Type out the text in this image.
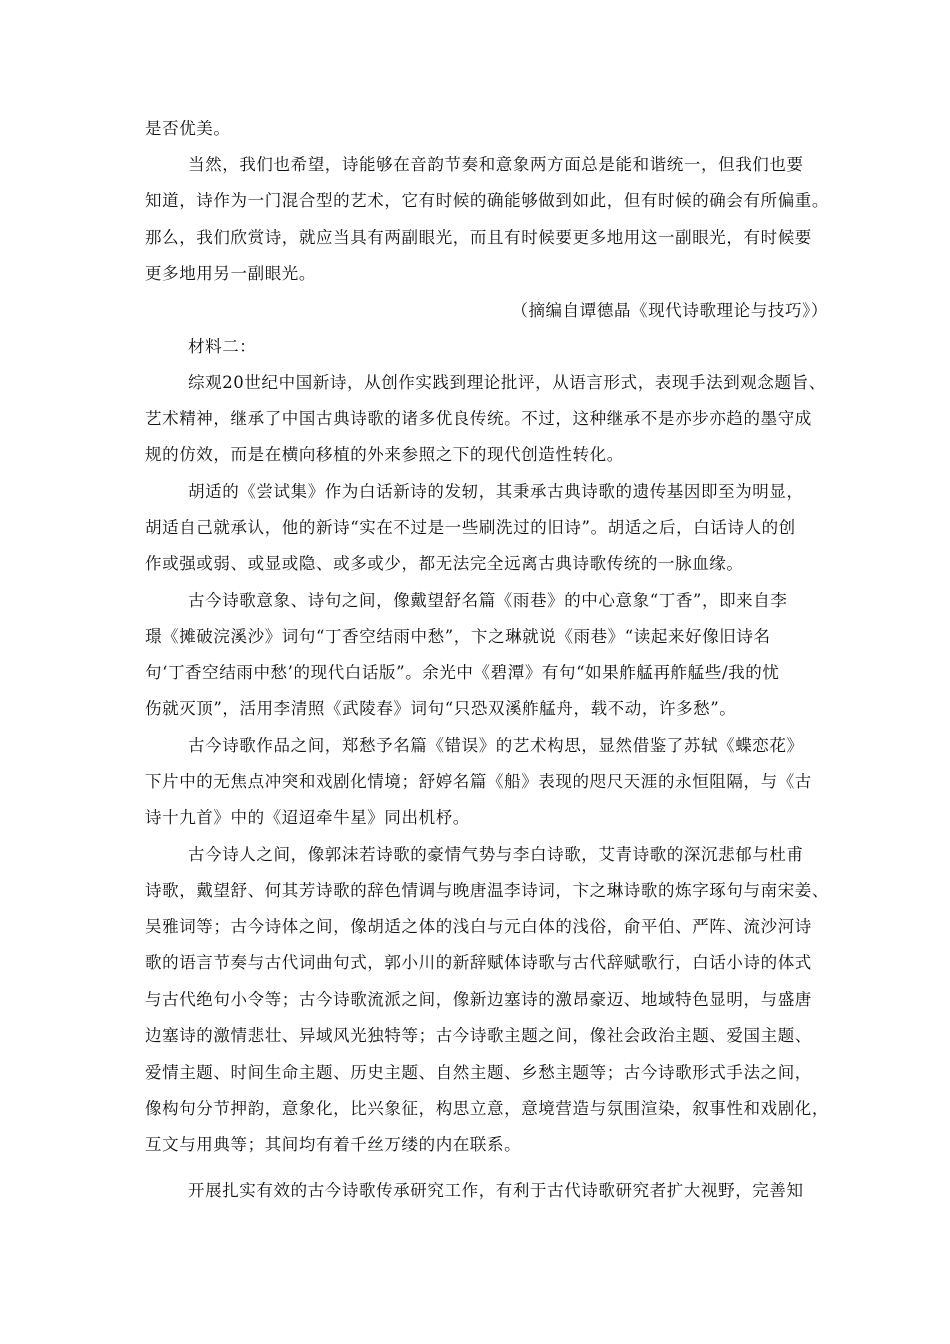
是否优美。
当然，我们也希望，诗能够在音韵节奏和意象两方面总是能和谐统一，但我们也要
知道，诗作为一门混合型的艺术，它有时候的确能够做到如此，但有时候的确会有所偏重。
那么，我们欣赏诗，就应当具有两副眼光，而且有时候要更多地用这一副眼光，有时候要
更多地用另一副眼光。
（摘编自谭德晶《现代诗歌理论与技巧》）
材料二：
综观20世纪中国新诗，从创作实践到理论批评，从语言形式，表现手法到观念题旨、
艺术精神，继承了中国古典诗歌的诸多优良传统。不过，这种继承不是亦步亦趋的墨守成
规的仿效，而是在横向移植的外来参照之下的现代创造性转化。
胡适的《尝试集》作为白话新诗的发轫，其秉承古典诗歌的遗传基因即至为明显，
胡适自己就承认，他的新诗“实在不过是一些刷洗过的旧诗”。胡适之后，白话诗人的创
作或强或弱、或显或隐、或多或少，都无法完全远离古典诗歌传统的一脉血缘。
古今诗歌意象、诗句之间，像戴望舒名篇《雨巷》的中心意象“丁香”，即来自李
璟《摊破浣溪沙》词句“丁香空结雨中愁”，卞之琳就说《雨巷》“读起来好像旧诗名
句‘丁香空结雨中愁’的现代白话版”。余光中《碧潭》有句“如果舴艋再舴艋些/我的忧
伤就灭顶”，活用李清照《武陵春》词句“只恐双溪舴艋舟，载不动，许多愁”。
古今诗歌作品之间，郑愁予名篇《错误》的艺术构思，显然借鉴了苏轼《蝶恋花》
下片中的无焦点冲突和戏剧化情境；舒婷名篇《船》表现的咫尺天涯的永恒阻隔，与《古
诗十九首》中的《迢迢牵牛星》同出机杼。
古今诗人之间，像郭沫若诗歌的豪情气势与李白诗歌，艾青诗歌的深沉悲郁与杜甫
诗歌，戴望舒、何其芳诗歌的辞色情调与晚唐温李诗词，卞之琳诗歌的炼字琢句与南宋姜、
吴雅词等；古今诗体之间，像胡适之体的浅白与元白体的浅俗，俞平伯、严阵、流沙河诗
歌的语言节奏与古代词曲句式，郭小川的新辞赋体诗歌与古代辞赋歌行，白话小诗的体式
与古代绝句小令等；古今诗歌流派之间，像新边塞诗的激昂豪迈、地域特色显明，与盛唐
边塞诗的激情悲壮、异域风光独特等；古今诗歌主题之间，像社会政治主题、爱国主题、
爱情主题、时间生命主题、历史主题、自然主题、乡愁主题等；古今诗歌形式手法之间，
像构句分节押韵，意象化，比兴象征，构思立意，意境营造与氛围渲染，叙事性和戏剧化，
互文与用典等；其间均有着千丝万缕的内在联系。
开展扎实有效的古今诗歌传承研究工作，有利于古代诗歌研究者扩大视野，完善知
